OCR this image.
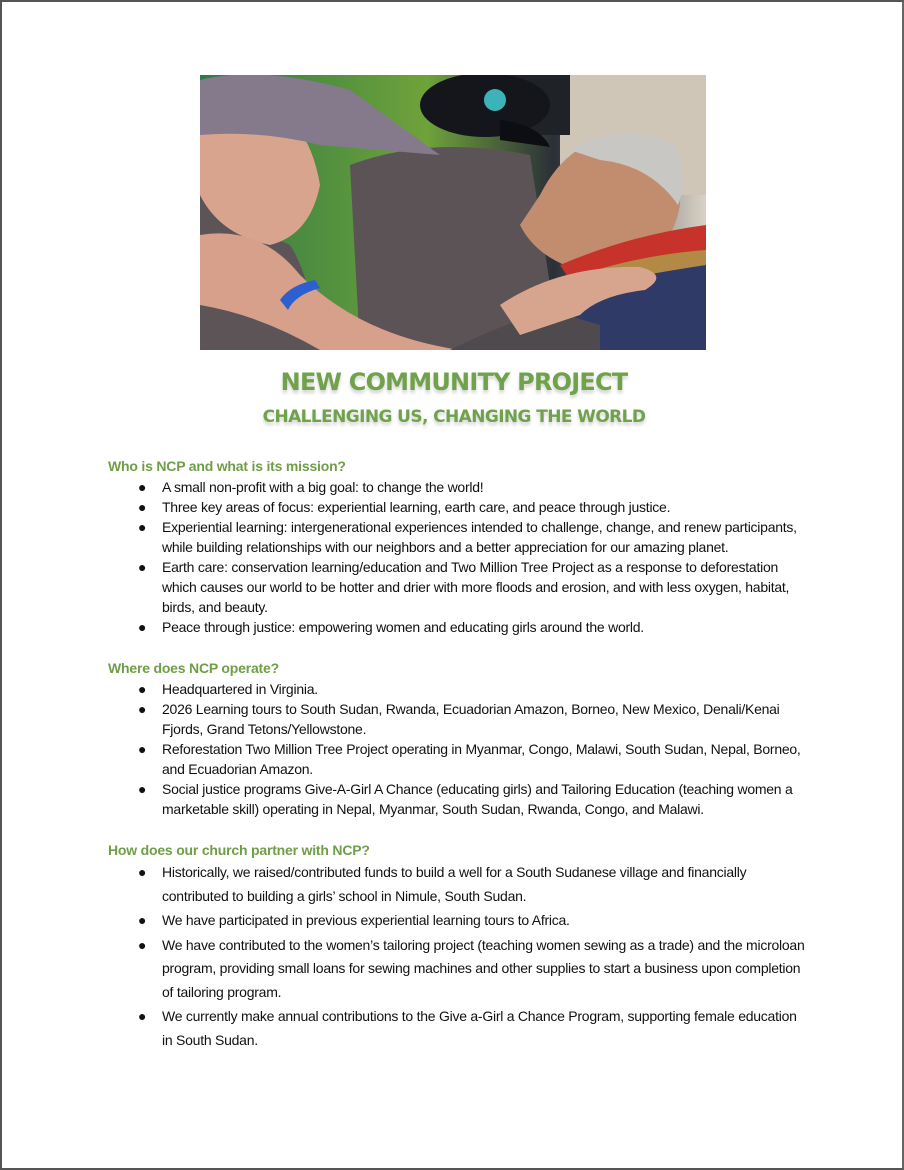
NEW COMMUNITY PROJECT
CHALLENGING US, CHANGING THE WORLD
Who is NCP and what is its mission?
● A small non-profit with a big goal: to change the world!
● Three key areas of focus: experiential learning, earth care, and peace through justice.
● Experiential learning: intergenerational experiences intended to challenge, change, and renew participants, while building relationships with our neighbors and a better appreciation for our amazing planet.
● Earth care: conservation learning/education and Two Million Tree Project as a response to deforestation which causes our world to be hotter and drier with more floods and erosion, and with less oxygen, habitat, birds, and beauty.
● Peace through justice: empowering women and educating girls around the world.
Where does NCP operate?
● Headquartered in Virginia.
● 2026 Learning tours to South Sudan, Rwanda, Ecuadorian Amazon, Borneo, New Mexico, Denali/Kenai Fjords, Grand Tetons/Yellowstone.
● Reforestation Two Million Tree Project operating in Myanmar, Congo, Malawi, South Sudan, Nepal, Borneo, and Ecuadorian Amazon.
● Social justice programs Give-A-Girl A Chance (educating girls) and Tailoring Education (teaching women a marketable skill) operating in Nepal, Myanmar, South Sudan, Rwanda, Congo, and Malawi.
How does our church partner with NCP?
● Historically, we raised/contributed funds to build a well for a South Sudanese village and financially contributed to building a girls’ school in Nimule, South Sudan.
● We have participated in previous experiential learning tours to Africa.
● We have contributed to the women’s tailoring project (teaching women sewing as a trade) and the microloan program, providing small loans for sewing machines and other supplies to start a business upon completion of tailoring program.
● We currently make annual contributions to the Give a-Girl a Chance Program, supporting female education in South Sudan.
